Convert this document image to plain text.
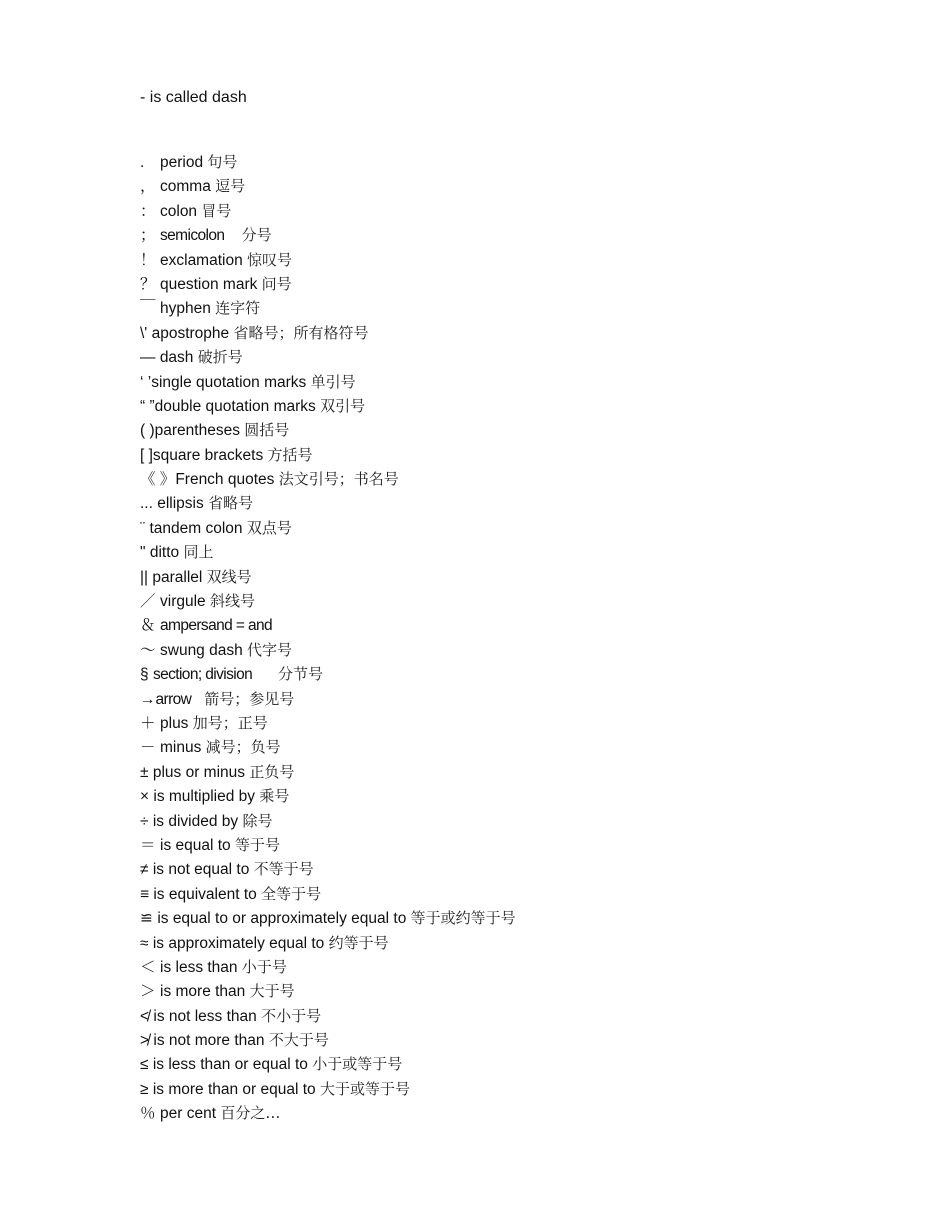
- is called dash
. period 句号
， comma 逗号
： colon 冒号
； semicolon 分号
！ exclamation 惊叹号
？ question mark 问号
￣ hyphen 连字符
\' apostrophe 省略号；所有格符号
— dash 破折号
‘ ’single quotation marks 单引号
“ ”double quotation marks 双引号
( )parentheses 圆括号
[ ]square brackets 方括号
《 》French quotes 法文引号；书名号
... ellipsis 省略号
¨ tandem colon 双点号
" ditto 同上
|| parallel 双线号
／ virgule 斜线号
＆ ampersand = and
～ swung dash 代字号
§ section; division 分节号
→arrow 箭号；参见号
＋ plus 加号；正号
－ minus 减号；负号
± plus or minus 正负号
× is multiplied by 乘号
÷ is divided by 除号
＝ is equal to 等于号
≠ is not equal to 不等于号
≡ is equivalent to 全等于号
≌ is equal to or approximately equal to 等于或约等于号
≈ is approximately equal to 约等于号
＜ is less than 小于号
＞ is more than 大于号
≮ is not less than 不小于号
≯ is not more than 不大于号
≤ is less than or equal to 小于或等于号
≥ is more than or equal to 大于或等于号
％ per cent 百分之…
